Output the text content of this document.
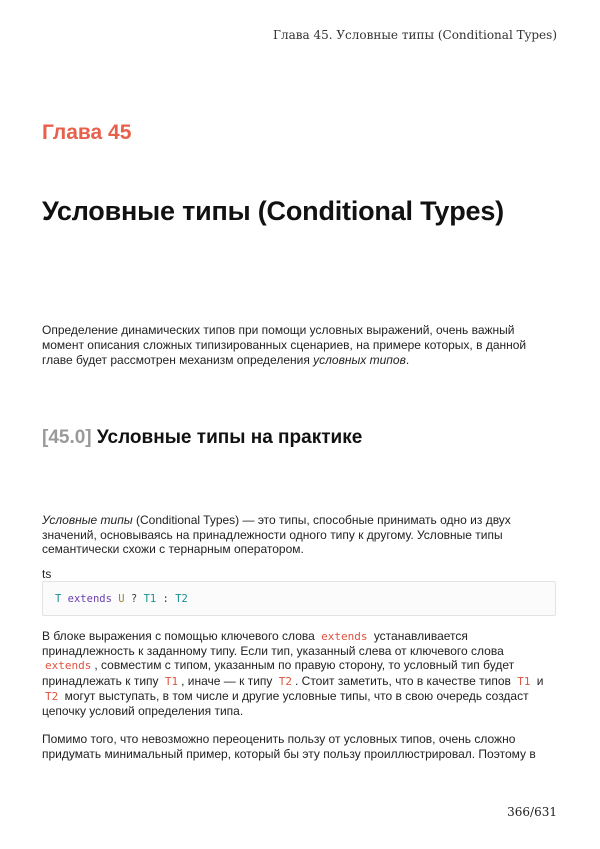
Глава 45. Условные типы (Conditional Types)
Глава 45
Условные типы (Conditional Types)
Определение динамических типов при помощи условных выражений, очень важный момент описания сложных типизированных сценариев, на примере которых, в данной главе будет рассмотрен механизм определения условных типов.
[45.0] Условные типы на практике
Условные типы (Conditional Types) — это типы, способные принимать одно из двух значений, основываясь на принадлежности одного типу к другому. Условные типы семантически схожи с тернарным оператором.
ts
T extends U ? T1 : T2
В блоке выражения с помощью ключевого слова extends устанавливается принадлежность к заданному типу. Если тип, указанный слева от ключевого слова extends , совместим с типом, указанным по правую сторону, то условный тип будет принадлежать к типу T1 , иначе — к типу T2 . Стоит заметить, что в качестве типов T1 и T2 могут выступать, в том числе и другие условные типы, что в свою очередь создаст цепочку условий определения типа.
Помимо того, что невозможно переоценить пользу от условных типов, очень сложно придумать минимальный пример, который бы эту пользу проиллюстрировал. Поэтому в
366/631
